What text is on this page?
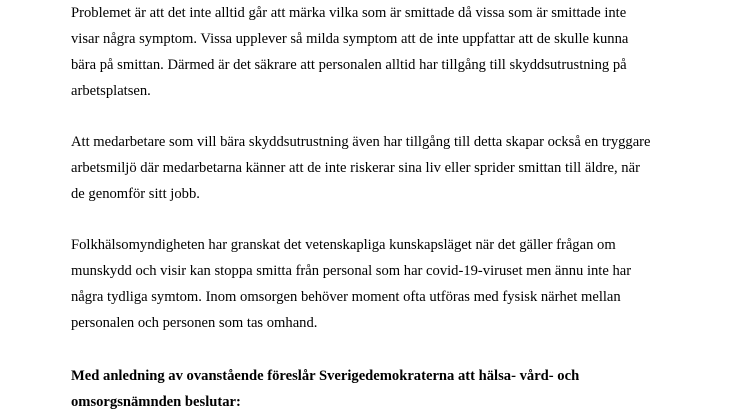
Problemet är att det inte alltid går att märka vilka som är smittade då vissa som är smittade inte
visar några symptom. Vissa upplever så milda symptom att de inte uppfattar att de skulle kunna
bära på smittan. Därmed är det säkrare att personalen alltid har tillgång till skyddsutrustning på
arbetsplatsen.

Att medarbetare som vill bära skyddsutrustning även har tillgång till detta skapar också en tryggare
arbetsmiljö där medarbetarna känner att de inte riskerar sina liv eller sprider smittan till äldre, när
de genomför sitt jobb.

Folkhälsomyndigheten har granskat det vetenskapliga kunskapsläget när det gäller frågan om
munskydd och visir kan stoppa smitta från personal som har covid-19-viruset men ännu inte har
några tydliga symtom. Inom omsorgen behöver moment ofta utföras med fysisk närhet mellan
personalen och personen som tas omhand.

Med anledning av ovanstående föreslår Sverigedemokraterna att hälsa- vård- och
omsorgsnämnden beslutar:
